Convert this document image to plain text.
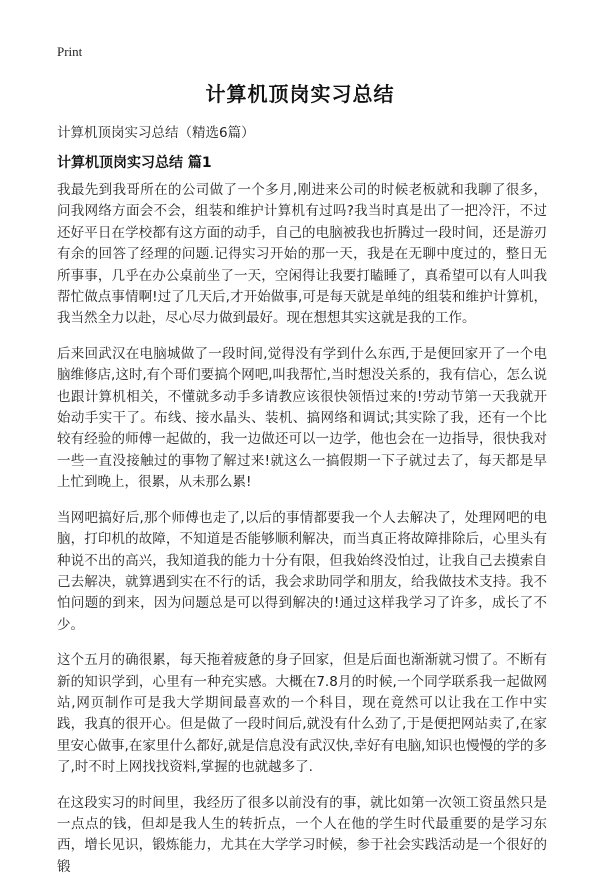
Print
计算机顶岗实习总结

计算机顶岗实习总结（精选6篇）

计算机顶岗实习总结 篇1

我最先到我哥所在的公司做了一个多月,刚进来公司的时候老板就和我聊了很多，问我网络方面会不会，组装和维护计算机有过吗?我当时真是出了一把冷汗，不过还好平日在学校都有这方面的动手，自己的电脑被我也折腾过一段时间，还是游刃有余的回答了经理的问题.记得实习开始的那一天，我是在无聊中度过的，整日无所事事，几乎在办公桌前坐了一天，空闲得让我要打瞌睡了，真希望可以有人叫我帮忙做点事情啊!过了几天后,才开始做事,可是每天就是单纯的组装和维护计算机，我当然全力以赴，尽心尽力做到最好。现在想想其实这就是我的工作。

后来回武汉在电脑城做了一段时间,觉得没有学到什么东西,于是便回家开了一个电脑维修店,这时,有个哥们要搞个网吧,叫我帮忙,当时想没关系的，我有信心，怎么说也跟计算机相关，不懂就多动手多请教应该很快领悟过来的!劳动节第一天我就开始动手实干了。布线、接水晶头、装机、搞网络和调试;其实除了我，还有一个比较有经验的师傅一起做的，我一边做还可以一边学，他也会在一边指导，很快我对一些一直没接触过的事物了解过来!就这么一搞假期一下子就过去了，每天都是早上忙到晚上，很累，从未那么累!

当网吧搞好后,那个师傅也走了,以后的事情都要我一个人去解决了，处理网吧的电脑，打印机的故障，不知道是否能够顺利解决，而当真正将故障排除后，心里头有种说不出的高兴，我知道我的能力十分有限，但我始终没怕过，让我自己去摸索自己去解决，就算遇到实在不行的话，我会求助同学和朋友，给我做技术支持。我不怕问题的到来，因为问题总是可以得到解决的!通过这样我学习了许多，成长了不少。

这个五月的确很累，每天拖着疲惫的身子回家，但是后面也渐渐就习惯了。不断有新的知识学到，心里有一种充实感。大概在7.8月的时候,一个同学联系我一起做网站,网页制作可是我大学期间最喜欢的一个科目，现在竟然可以让我在工作中实践，我真的很开心。但是做了一段时间后,就没有什么劲了,于是便把网站卖了,在家里安心做事,在家里什么都好,就是信息没有武汉快,幸好有电脑,知识也慢慢的学的多了,时不时上网找找资料,掌握的也就越多了.

在这段实习的时间里，我经历了很多以前没有的事，就比如第一次领工资虽然只是一点点的钱，但却是我人生的转折点，一个人在他的学生时代最重要的是学习东西，增长见识，锻炼能力，尤其在大学学习时候，参于社会实践活动是一个很好的锻
